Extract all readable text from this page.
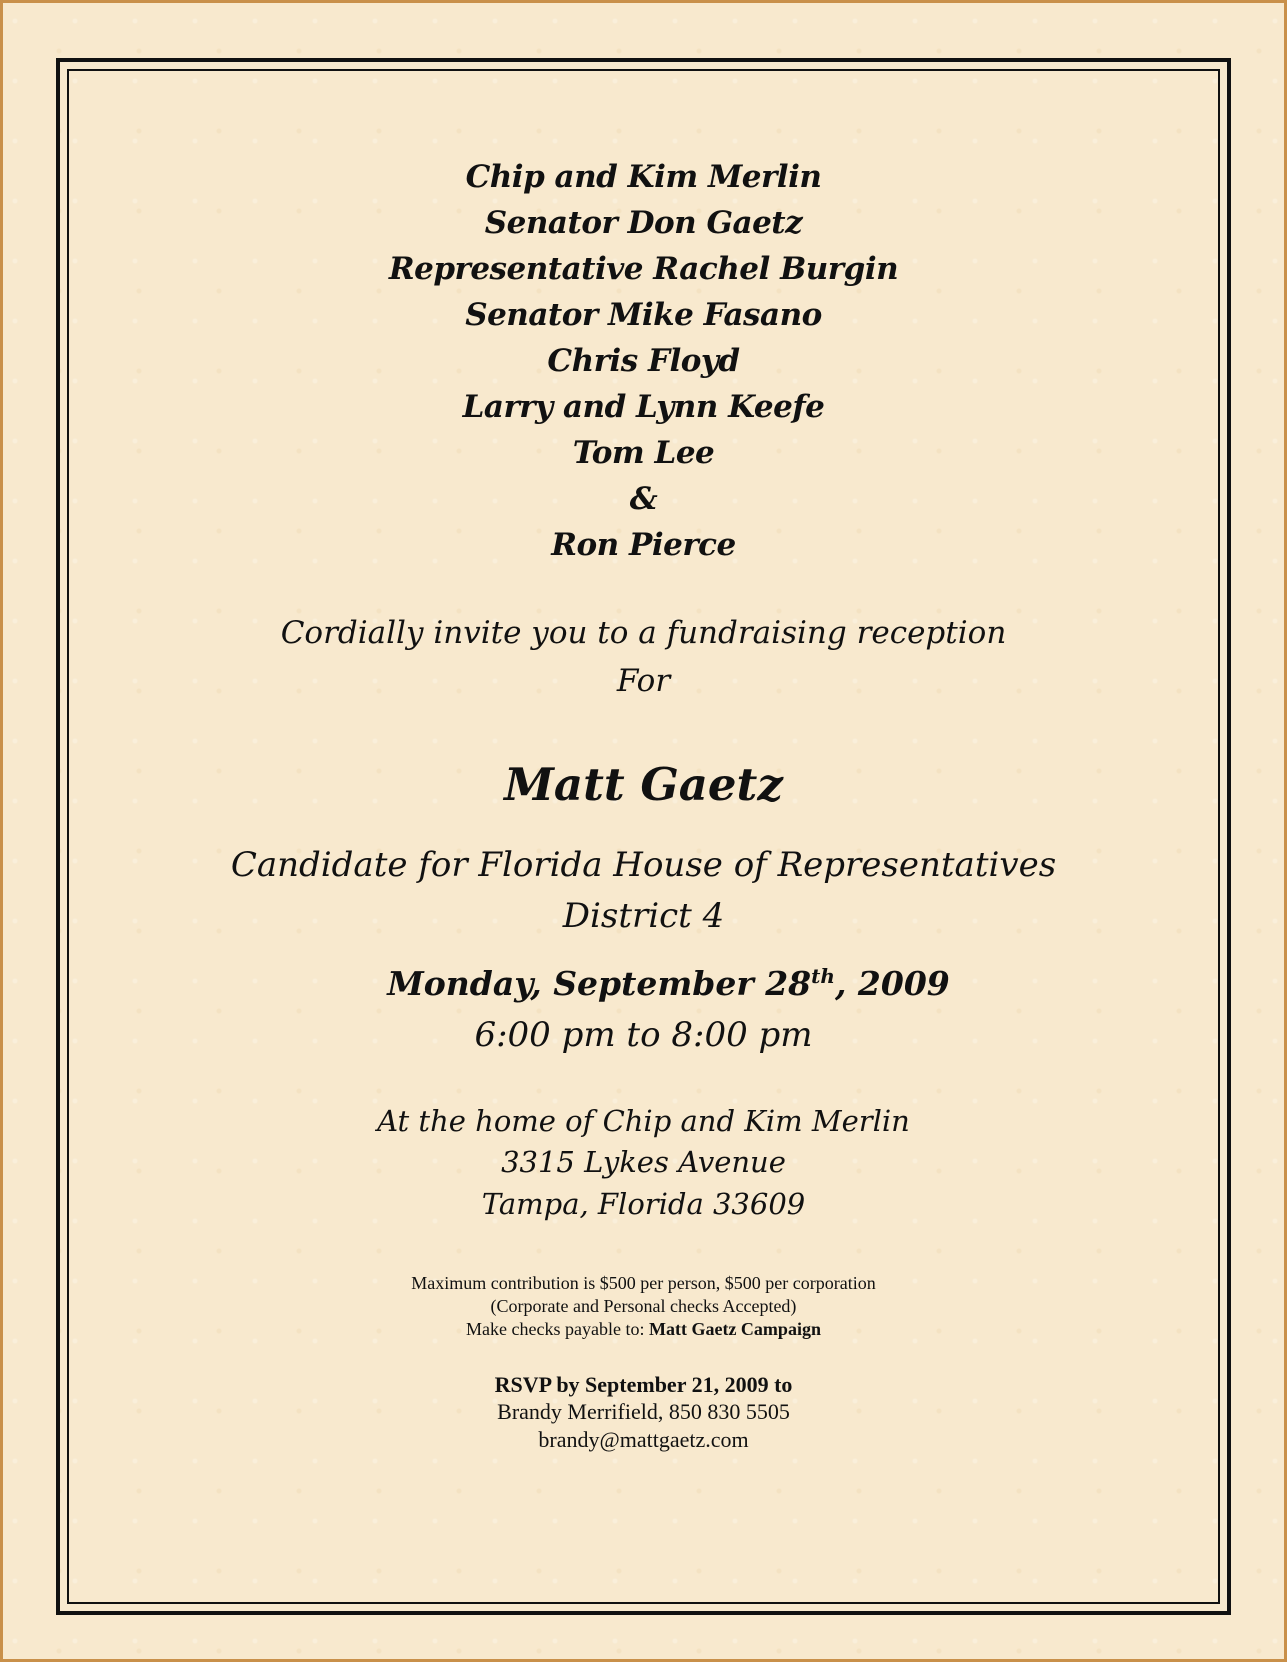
Chip and Kim Merlin

Senator Don Gaetz

Representative Rachel Burgin

Senator Mike Fasano

Chris Floyd

Larry and Lynn Keefe

Tom Lee

&

Ron Pierce

Cordially invite you to a fundraising reception

For

Matt Gaetz

Candidate for Florida House of Representatives

District 4

Monday, September 28th, 2009

6:00 pm to 8:00 pm

At the home of Chip and Kim Merlin

3315 Lykes Avenue

Tampa, Florida 33609

Maximum contribution is $500 per person, $500 per corporation

(Corporate and Personal checks Accepted)

Make checks payable to: Matt Gaetz Campaign

RSVP by September 21, 2009 to

Brandy Merrifield, 850 830 5505

brandy@mattgaetz.com
